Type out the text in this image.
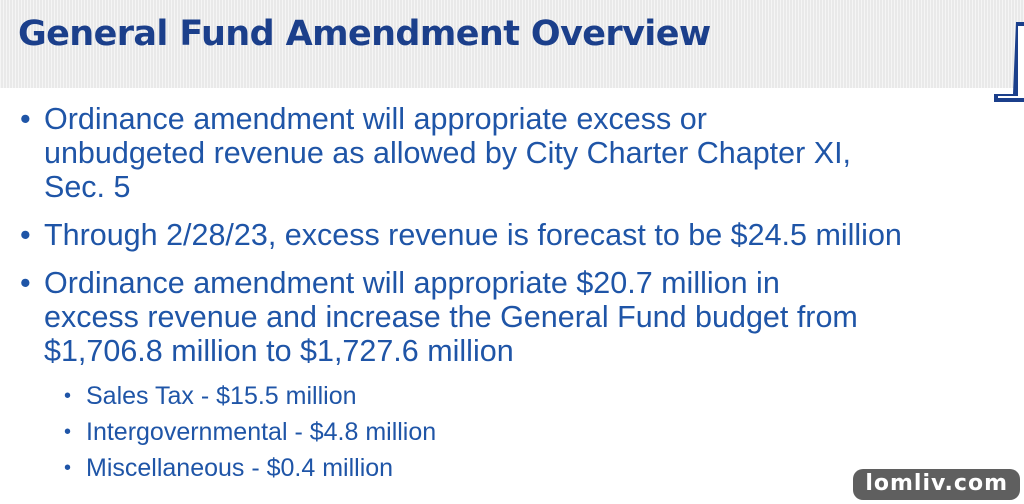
General Fund Amendment Overview
• Ordinance amendment will appropriate excess or
unbudgeted revenue as allowed by City Charter Chapter XI,
Sec. 5
• Through 2/28/23, excess revenue is forecast to be $24.5 million
• Ordinance amendment will appropriate $20.7 million in
excess revenue and increase the General Fund budget from
$1,706.8 million to $1,727.6 million
• Sales Tax - $15.5 million
• Intergovernmental - $4.8 million
• Miscellaneous - $0.4 million
lomliv.com
